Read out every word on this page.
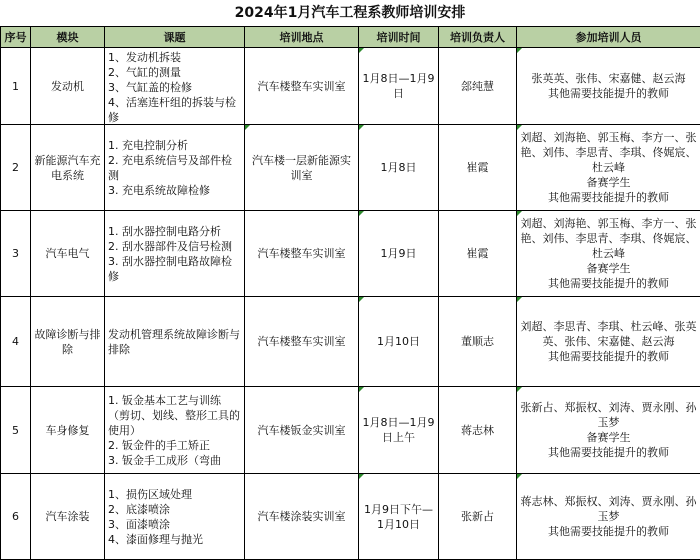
2024年1月汽车工程系教师培训安排
序号	模块	课题	培训地点	培训时间	培训负责人	参加培训人员
1	发动机	1、发动机拆装
2、气缸的测量
3、气缸盖的检修
4、活塞连杆组的拆装与检修	汽车楼整车实训室	1月8日—1月9日	郐纯慧	张英英、张伟、宋嘉健、赵云海
其他需要技能提升的教师

2	新能源汽车充电系统	1. 充电控制分析
2. 充电系统信号及部件检测
3. 充电系统故障检修	汽车楼一层新能源实训室	1月8日	崔霞	刘超、刘海艳、郭玉梅、李方一、张艳、刘伟、李思青、李琪、佟娓宸、杜云峰
备赛学生
其他需要技能提升的教师

3	汽车电气	1. 刮水器控制电路分析
2. 刮水器部件及信号检测
3. 刮水器控制电路故障检修	汽车楼整车实训室	1月9日	崔霞	刘超、刘海艳、郭玉梅、李方一、张艳、刘伟、李思青、李琪、佟娓宸、杜云峰
备赛学生
其他需要技能提升的教师

4	故障诊断与排除	发动机管理系统故障诊断与排除	汽车楼整车实训室	1月10日	董顺志	刘超、李思青、李琪、杜云峰、张英英、张伟、宋嘉健、赵云海
其他需要技能提升的教师

5	车身修复	1. 钣金基本工艺与训练（剪切、划线、整形工具的使用）
2. 钣金件的手工矫正
3. 钣金手工成形（弯曲	汽车楼钣金实训室	1月8日—1月9日上午	蒋志林	张新占、郑振权、刘涛、贾永刚、孙玉梦
备赛学生
其他需要技能提升的教师

6	汽车涂装	1、损伤区域处理
2、底漆喷涂
3、面漆喷涂
4、漆面修理与抛光	汽车楼涂装实训室	1月9日下午—1月10日	张新占	蒋志林、郑振权、刘涛、贾永刚、孙玉梦
其他需要技能提升的教师
